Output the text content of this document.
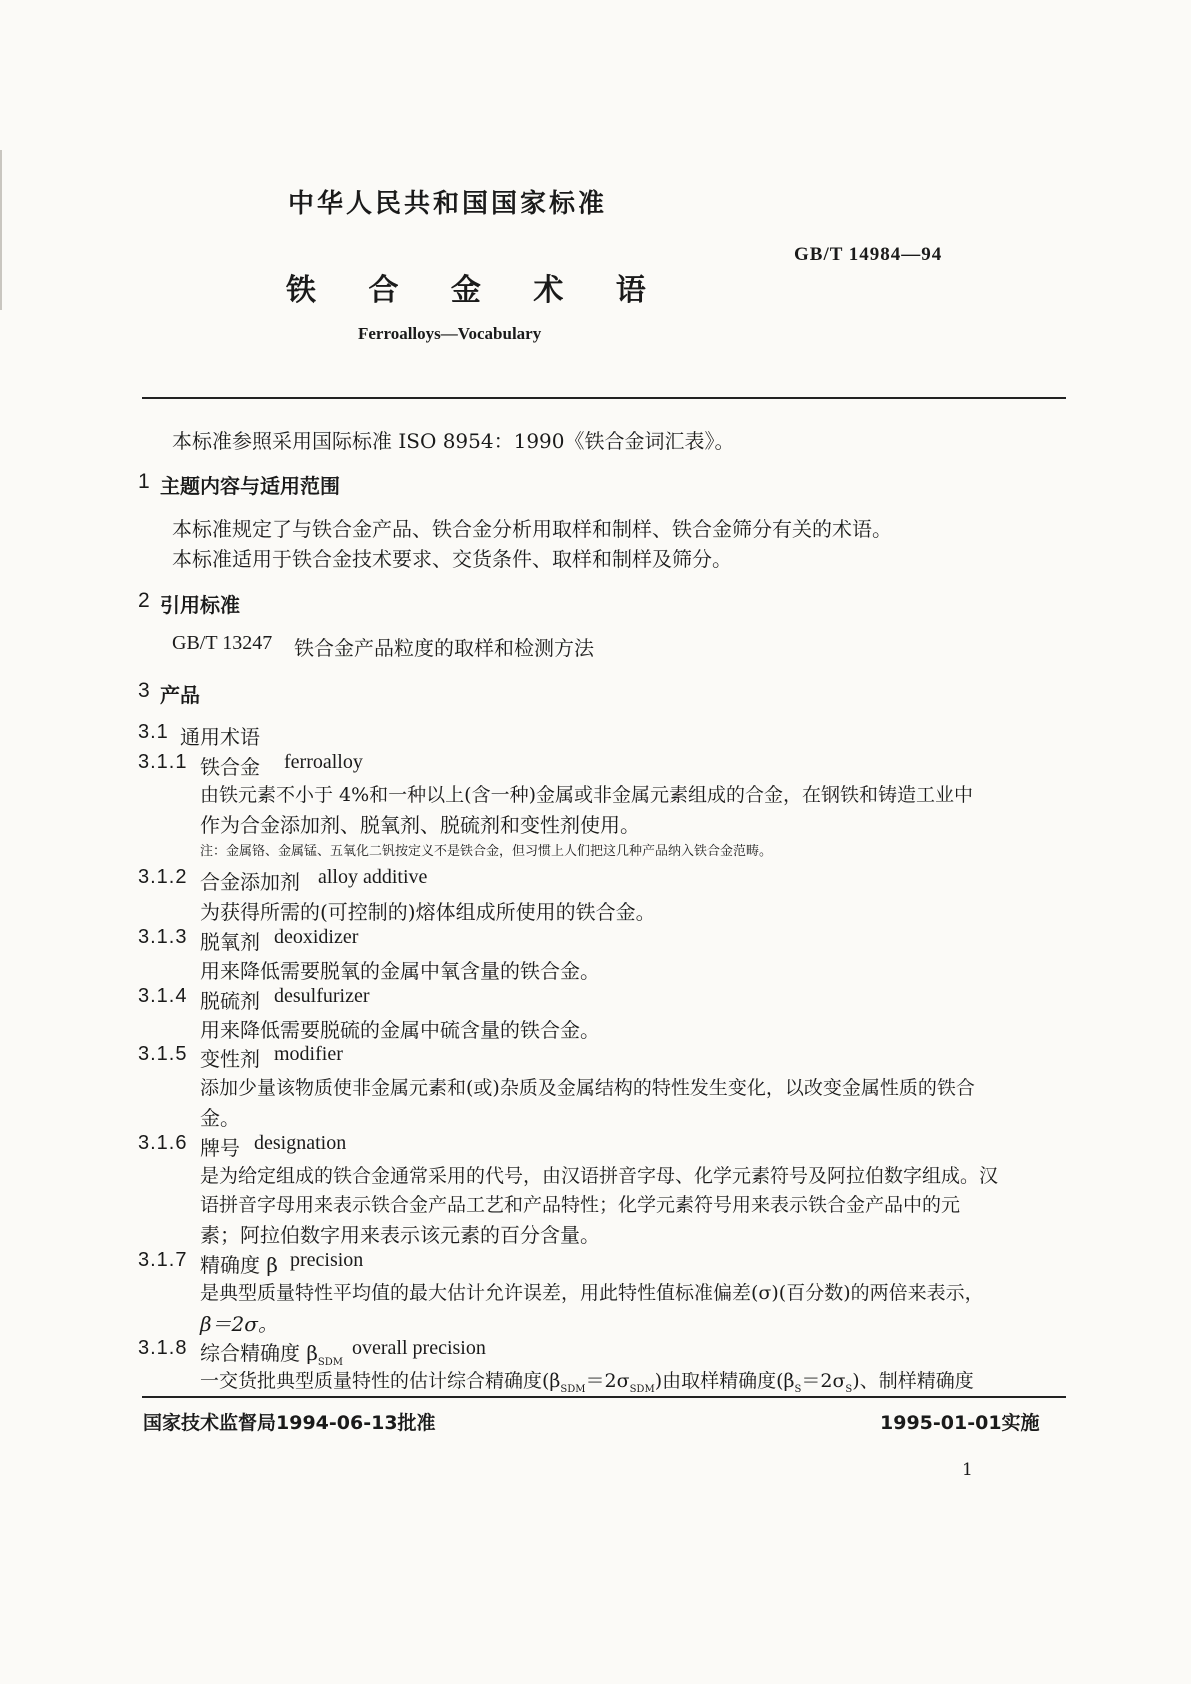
中华人民共和国国家标准
GB/T 14984—94
铁 合 金 术 语
Ferroalloys—Vocabulary
本标准参照采用国际标准 ISO 8954：1990《铁合金词汇表》。
1 主题内容与适用范围
本标准规定了与铁合金产品、铁合金分析用取样和制样、铁合金筛分有关的术语。
本标准适用于铁合金技术要求、交货条件、取样和制样及筛分。
2 引用标准
GB/T 13247 铁合金产品粒度的取样和检测方法
3 产品
3.1 通用术语
3.1.1 铁合金 ferroalloy
由铁元素不小于 4%和一种以上(含一种)金属或非金属元素组成的合金，在钢铁和铸造工业中
作为合金添加剂、脱氧剂、脱硫剂和变性剂使用。
注：金属铬、金属锰、五氧化二钒按定义不是铁合金，但习惯上人们把这几种产品纳入铁合金范畴。
3.1.2 合金添加剂 alloy additive
为获得所需的(可控制的)熔体组成所使用的铁合金。
3.1.3 脱氧剂 deoxidizer
用来降低需要脱氧的金属中氧含量的铁合金。
3.1.4 脱硫剂 desulfurizer
用来降低需要脱硫的金属中硫含量的铁合金。
3.1.5 变性剂 modifier
添加少量该物质使非金属元素和(或)杂质及金属结构的特性发生变化，以改变金属性质的铁合
金。
3.1.6 牌号 designation
是为给定组成的铁合金通常采用的代号，由汉语拼音字母、化学元素符号及阿拉伯数字组成。汉
语拼音字母用来表示铁合金产品工艺和产品特性；化学元素符号用来表示铁合金产品中的元
素；阿拉伯数字用来表示该元素的百分含量。
3.1.7 精确度 β precision
是典型质量特性平均值的最大估计允许误差，用此特性值标准偏差(σ)(百分数)的两倍来表示，
β＝2σ。
3.1.8 综合精确度 $\beta_{SDM}$
overall precision
一交货批典型质量特性的估计综合精确度$(\beta_{SDM}=2\sigma_{SDM})$由取样精确度$(\beta_S=2\sigma_S)$、制样精确度
国家技术监督局1994-06-13批准	1995-01-01实施
1
